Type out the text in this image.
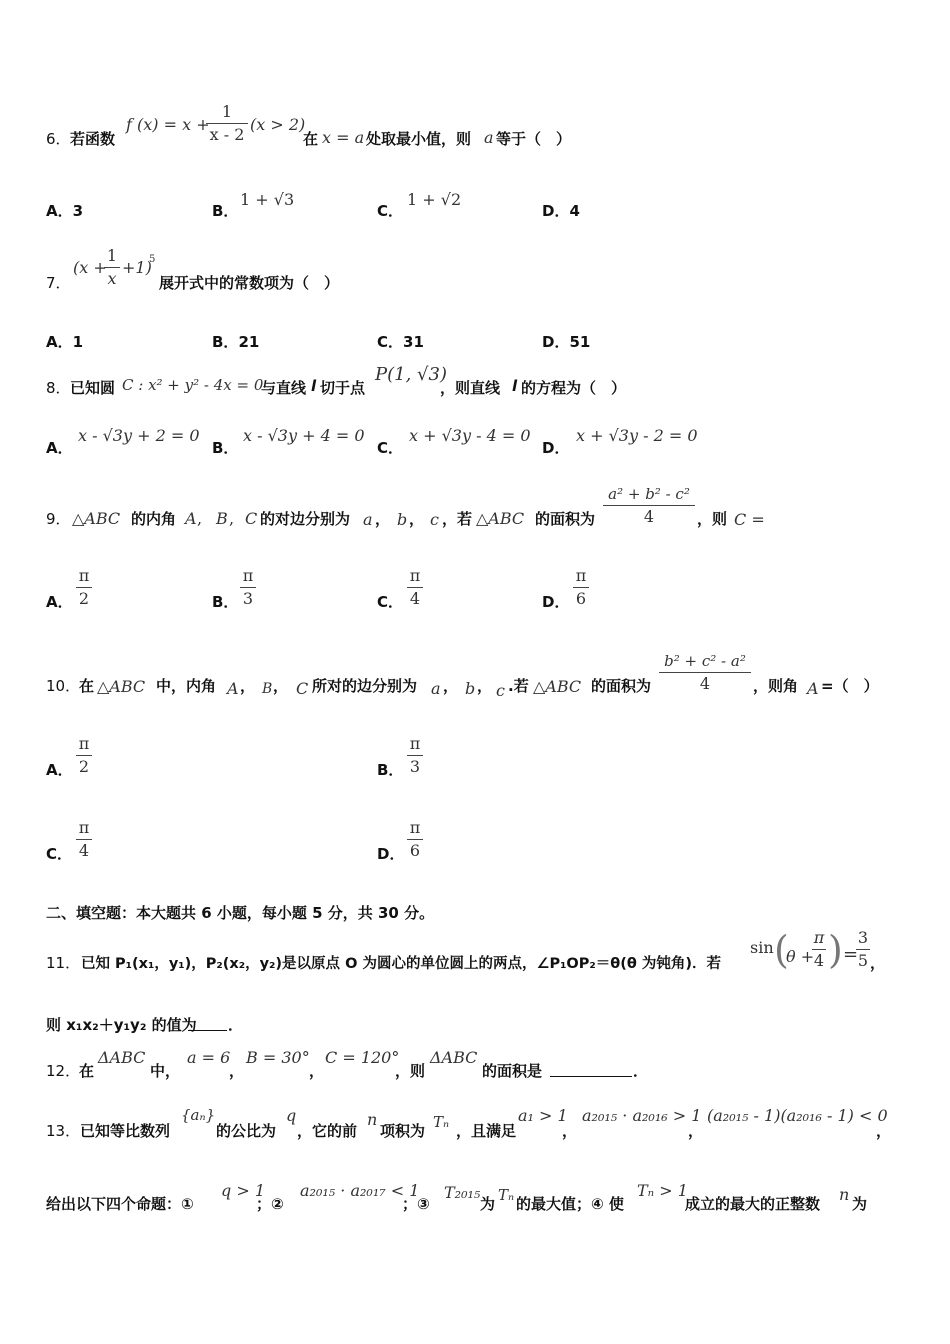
6． 若函数
f (x) = x +
1
x - 2
(x > 2)
在 x = a 处取最小值，则 a 等于（　）
A．3	B．
1 + √3
C．
1 + √2
D．4
7．
(x +
1
x
+1)
5
展开式中的常数项为（　）
A．1	B．21	C．31	D．51
8． 已知圆 C : x² + y² - 4x = 0
与直线 l 切于点
P(1, √3)
，则直线 l 的方程为（　）
A．
x - √3y + 2 = 0
B．
x - √3y + 4 = 0
C．
x + √3y - 4 = 0
D．
x + √3y - 2 = 0
9． △ABC 的内角 A , B , C 的对边分别为 a ， b ， c ，若 △ABC 的面积为
a² + b² - c²
4	，则 C =
A．
π
2	B．
π
3	C．
π
4	D．
π
6
10．
在 △ABC 中，内角 A ， B ， C 所对的边分别为 a ， b ， c .若 △ABC 的面积为
b² + c² - a²
4	，则角 A =（　）
A．
π
2	B．
π
3
C．
π
4	D．
π
6
二、填空题：本大题共 6 小题，每小题 5 分，共 30 分。
11． 已知 P₁(x₁，y₁)，P₂(x₂，y₂)是以原点 O 为圆心的单位圆上的两点，∠P₁OP₂＝θ(θ 为钝角)．若
sin (
θ +
π
4 ) =
3
5 ，
则 x₁x₂＋y₁y₂ 的值为 ．
12．
在
ΔABC
中，
a = 6
，
B = 30°
，
C = 120°
，则
ΔABC
的面积是	．
13． 已知等比数列
{aₙ}
的公比为
q
，它的前
n
项积为 Tₙ ，且满足
a₁ > 1
，
a₂₀₁₅ · a₂₀₁₆ > 1
，
(a₂₀₁₅ - 1)(a₂₀₁₆ - 1) < 0
，
给出以下四个命题：①
q > 1
；②
a₂₀₁₅ · a₂₀₁₇ < 1
；③
T₂₀₁₅
为 Tₙ 的最大值；④ 使
Tₙ > 1
成立的最大的正整数 n 为
